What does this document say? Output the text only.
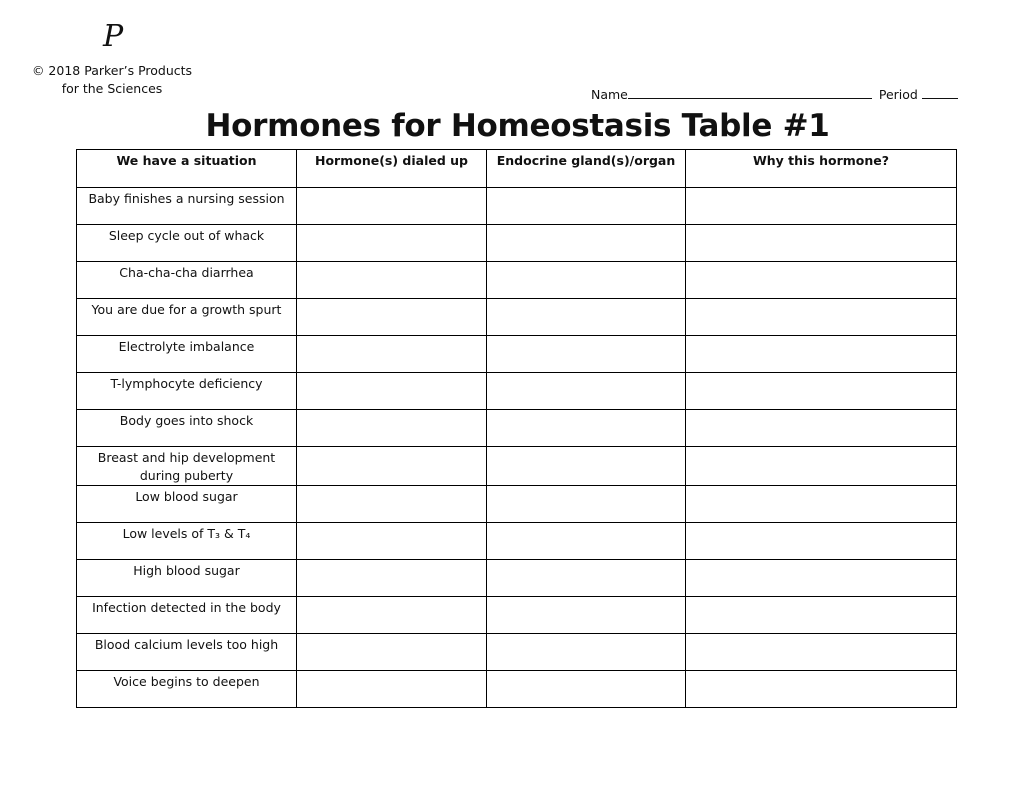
P
© 2018 Parker’s Products
for the Sciences	Name	Period
Hormones for Homeostasis Table #1
We have a situation	Hormone(s) dialed up	Endocrine gland(s)/organ	Why this hormone?
Baby finishes a nursing session			
Sleep cycle out of whack			
Cha-cha-cha diarrhea			
You are due for a growth spurt			
Electrolyte imbalance			
T-lymphocyte deficiency			
Body goes into shock			
Breast and hip development during puberty			
Low blood sugar			
Low levels of T₃ & T₄			
High blood sugar			
Infection detected in the body			
Blood calcium levels too high			
Voice begins to deepen			
